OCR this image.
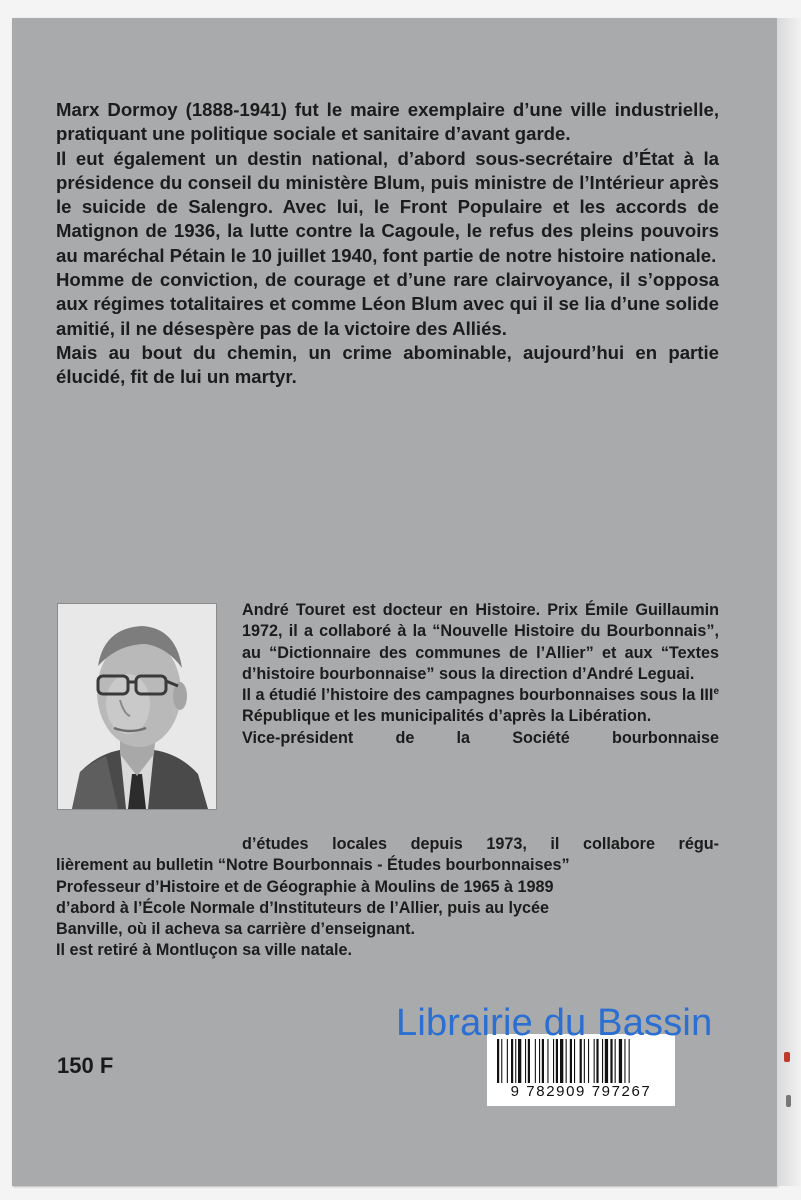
Marx Dormoy (1888-1941) fut le maire exemplaire d’une ville industrielle, pratiquant une politique sociale et sanitaire d’avant garde.

Il eut également un destin national, d’abord sous-secrétaire d’État à la présidence du conseil du ministère Blum, puis ministre de l’Intérieur après le suicide de Salengro. Avec lui, le Front Populaire et les accords de Matignon de 1936, la lutte contre la Cagoule, le refus des pleins pouvoirs au maréchal Pétain le 10 juillet 1940, font partie de notre histoire nationale.

Homme de conviction, de courage et d’une rare clairvoyance, il s’opposa aux régimes totalitaires et comme Léon Blum avec qui il se lia d’une solide amitié, il ne désespère pas de la victoire des Alliés.

Mais au bout du chemin, un crime abominable, aujourd’hui en partie élucidé, fit de lui un martyr.

André Touret est docteur en Histoire. Prix Émile Guillaumin 1972, il a collaboré à la “Nouvelle Histoire du Bourbonnais”, au “Dictionnaire des communes de l’Allier” et aux “Textes d’histoire bourbonnaise” sous la direction d’André Leguai.

Il a étudié l’histoire des campagnes bourbonnaises sous la IIIe République et les municipalités d’après la Libération.

Vice-président de la Société bourbonnaise

d’études locales depuis 1973, il collabore régu-

lièrement au bulletin “Notre Bourbonnais - Études bourbonnaises”

Professeur d’Histoire et de Géographie à Moulins de 1965 à 1989

d’abord à l’École Normale d’Instituteurs de l’Allier, puis au lycée

Banville, où il acheva sa carrière d’enseignant.

Il est retiré à Montluçon sa ville natale.

150 F
9 782909 797267
Librairie du Bassin
